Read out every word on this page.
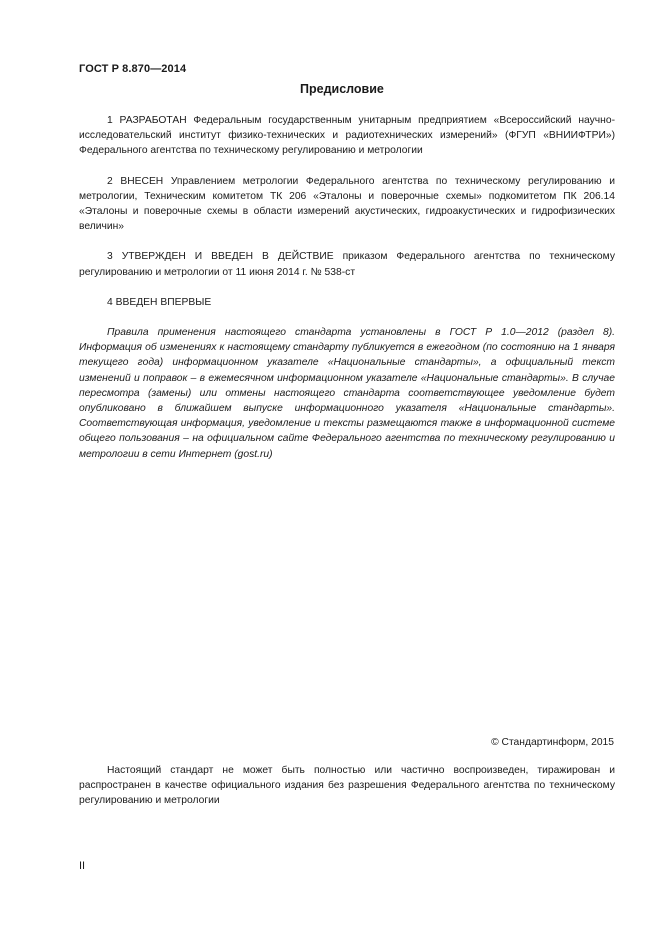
ГОСТ Р 8.870—2014
Предисловие

1 РАЗРАБОТАН Федеральным государственным унитарным предприятием «Всероссийский научно-исследовательский институт физико-технических и радиотехнических измерений» (ФГУП «ВНИИФТРИ») Федерального агентства по техническому регулированию и метрологии

2 ВНЕСЕН Управлением метрологии Федерального агентства по техническому регулированию и метрологии, Техническим комитетом ТК 206 «Эталоны и поверочные схемы» подкомитетом ПК 206.14 «Эталоны и поверочные схемы в области измерений акустических, гидроакустических и гидрофизических величин»

3 УТВЕРЖДЕН И ВВЕДЕН В ДЕЙСТВИЕ приказом Федерального агентства по техническому регулированию и метрологии от 11 июня 2014 г. № 538-ст

4 ВВЕДЕН ВПЕРВЫЕ

Правила применения настоящего стандарта установлены в ГОСТ Р 1.0—2012 (раздел 8). Информация об изменениях к настоящему стандарту публикуется в ежегодном (по состоянию на 1 января текущего года) информационном указателе «Национальные стандарты», а официальный текст изменений и поправок – в ежемесячном информационном указателе «Национальные стандарты». В случае пересмотра (замены) или отмены настоящего стандарта соответствующее уведомление будет опубликовано в ближайшем выпуске информационного указателя «Национальные стандарты». Соответствующая информация, уведомление и тексты размещаются также в информационной системе общего пользования – на официальном сайте Федерального агентства по техническому регулированию и метрологии в сети Интернет (gost.ru)

© Стандартинформ, 2015

Настоящий стандарт не может быть полностью или частично воспроизведен, тиражирован и распространен в качестве официального издания без разрешения Федерального агентства по техническому регулированию и метрологии

II
